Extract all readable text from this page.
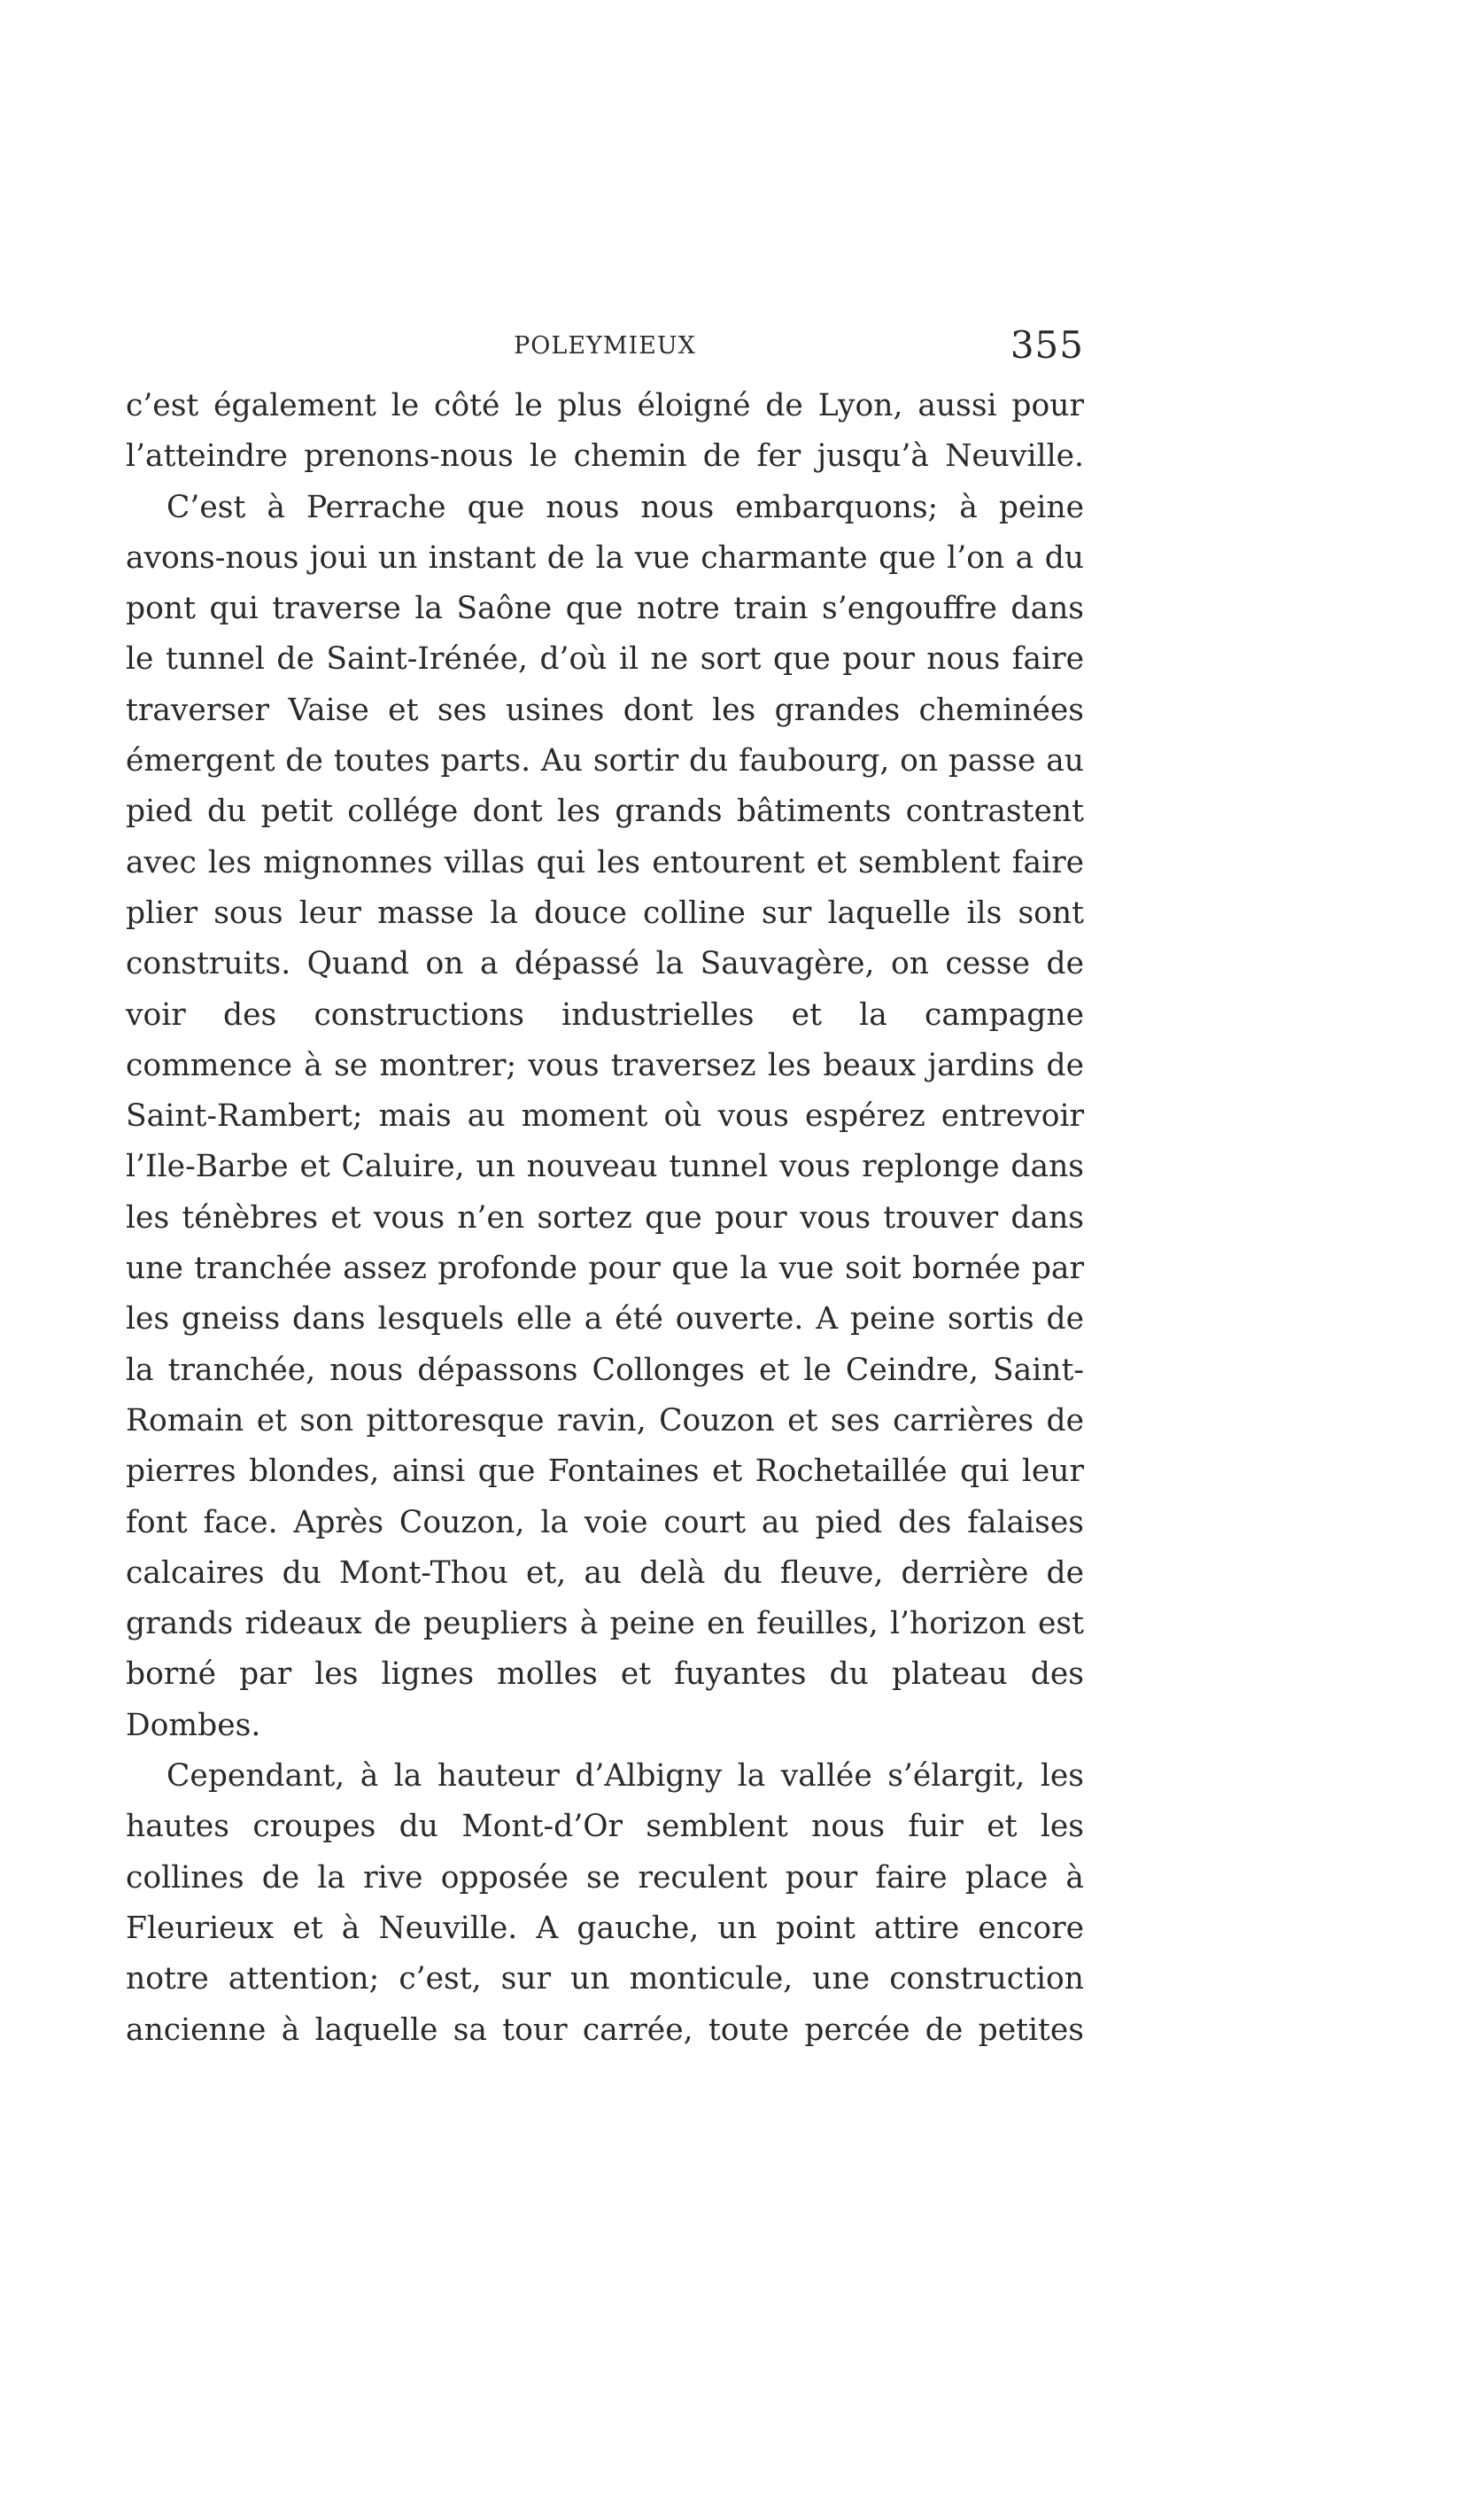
POLEYMIEUX	355

c’est également le côté le plus éloigné de Lyon, aussi pour l’atteindre prenons-nous le chemin de fer jusqu’à Neuville.

C’est à Perrache que nous nous embarquons; à peine avons-nous joui un instant de la vue charmante que l’on a du pont qui traverse la Saône que notre train s’engouffre dans le tunnel de Saint-Irénée, d’où il ne sort que pour nous faire traverser Vaise et ses usines dont les grandes cheminées émergent de toutes parts. Au sortir du faubourg, on passe au pied du petit collége dont les grands bâtiments contrastent avec les mignonnes villas qui les entourent et semblent faire plier sous leur masse la douce colline sur laquelle ils sont construits. Quand on a dépassé la Sauvagère, on cesse de voir des constructions industrielles et la campagne commence à se montrer; vous traversez les beaux jardins de Saint-Rambert; mais au moment où vous espérez entrevoir l’Ile-Barbe et Caluire, un nouveau tunnel vous replonge dans les ténèbres et vous n’en sortez que pour vous trouver dans une tranchée assez profonde pour que la vue soit bornée par les gneiss dans lesquels elle a été ouverte. A peine sortis de la tranchée, nous dépassons Collonges et le Ceindre, Saint-Romain et son pittoresque ravin, Couzon et ses carrières de pierres blondes, ainsi que Fontaines et Rochetaillée qui leur font face. Après Couzon, la voie court au pied des falaises calcaires du Mont-Thou et, au delà du fleuve, derrière de grands rideaux de peupliers à peine en feuilles, l’horizon est borné par les lignes molles et fuyantes du plateau des Dombes.

Cependant, à la hauteur d’Albigny la vallée s’élargit, les hautes croupes du Mont-d’Or semblent nous fuir et les collines de la rive opposée se reculent pour faire place à Fleurieux et à Neuville. A gauche, un point attire encore notre attention; c’est, sur un monticule, une construction ancienne à laquelle sa tour carrée, toute percée de petites
